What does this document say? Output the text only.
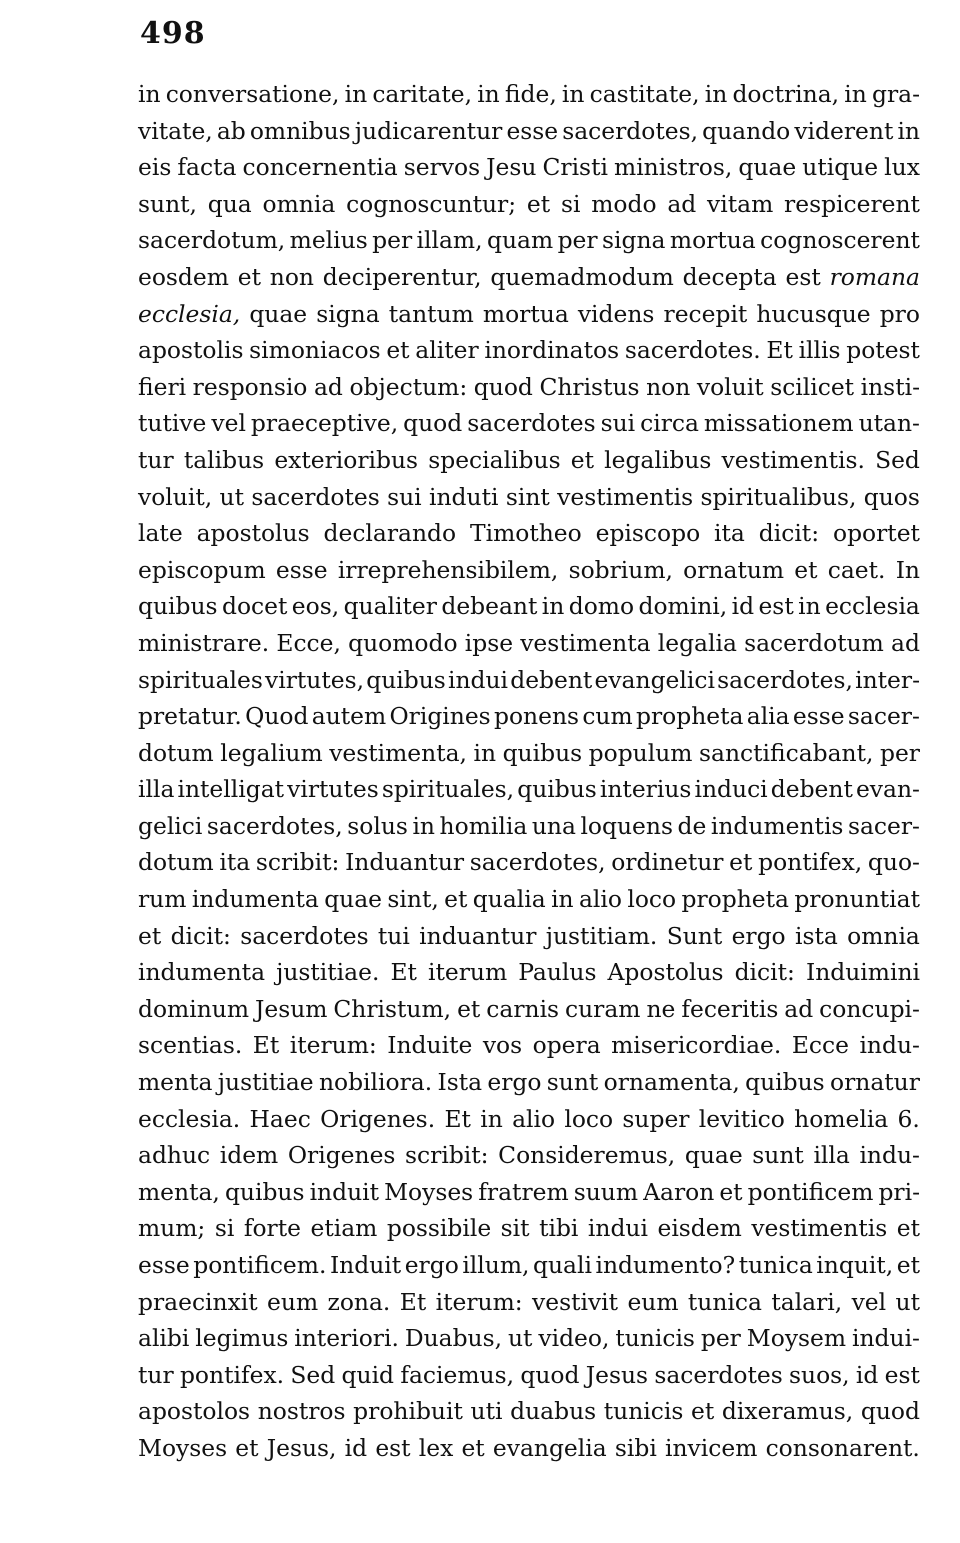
498
in conversatione, in caritate, in fide, in castitate, in doctrina, in gra-
vitate, ab omnibus judicarentur esse sacerdotes, quando viderent in
eis facta concernentia servos Jesu Cristi ministros, quae utique lux
sunt, qua omnia cognoscuntur; et si modo ad vitam respicerent
sacerdotum, melius per illam, quam per signa mortua cognoscerent
eosdem et non deciperentur, quemadmodum decepta est romana
ecclesia, quae signa tantum mortua videns recepit hucusque pro
apostolis simoniacos et aliter inordinatos sacerdotes. Et illis potest
fieri responsio ad objectum: quod Christus non voluit scilicet insti-
tutive vel praeceptive, quod sacerdotes sui circa missationem utan-
tur talibus exterioribus specialibus et legalibus vestimentis. Sed
voluit, ut sacerdotes sui induti sint vestimentis spiritualibus, quos
late apostolus declarando Timotheo episcopo ita dicit: oportet
episcopum esse irreprehensibilem, sobrium, ornatum et caet. In
quibus docet eos, qualiter debeant in domo domini, id est in ecclesia
ministrare. Ecce, quomodo ipse vestimenta legalia sacerdotum ad
spirituales virtutes, quibus indui debent evangelici sacerdotes, inter-
pretatur. Quod autem Origines ponens cum propheta alia esse sacer-
dotum legalium vestimenta, in quibus populum sanctificabant, per
illa intelligat virtutes spirituales, quibus interius induci debent evan-
gelici sacerdotes, solus in homilia una loquens de indumentis sacer-
dotum ita scribit: Induantur sacerdotes, ordinetur et pontifex, quo-
rum indumenta quae sint, et qualia in alio loco propheta pronuntiat
et dicit: sacerdotes tui induantur justitiam. Sunt ergo ista omnia
indumenta justitiae. Et iterum Paulus Apostolus dicit: Induimini
dominum Jesum Christum, et carnis curam ne feceritis ad concupi-
scentias. Et iterum: Induite vos opera misericordiae. Ecce indu-
menta justitiae nobiliora. Ista ergo sunt ornamenta, quibus ornatur
ecclesia. Haec Origenes. Et in alio loco super levitico homelia 6.
adhuc idem Origenes scribit: Consideremus, quae sunt illa indu-
menta, quibus induit Moyses fratrem suum Aaron et pontificem pri-
mum; si forte etiam possibile sit tibi indui eisdem vestimentis et
esse pontificem. Induit ergo illum, quali indumento? tunica inquit, et
praecinxit eum zona. Et iterum: vestivit eum tunica talari, vel ut
alibi legimus interiori. Duabus, ut video, tunicis per Moysem indui-
tur pontifex. Sed quid faciemus, quod Jesus sacerdotes suos, id est
apostolos nostros prohibuit uti duabus tunicis et dixeramus, quod
Moyses et Jesus, id est lex et evangelia sibi invicem consonarent.
